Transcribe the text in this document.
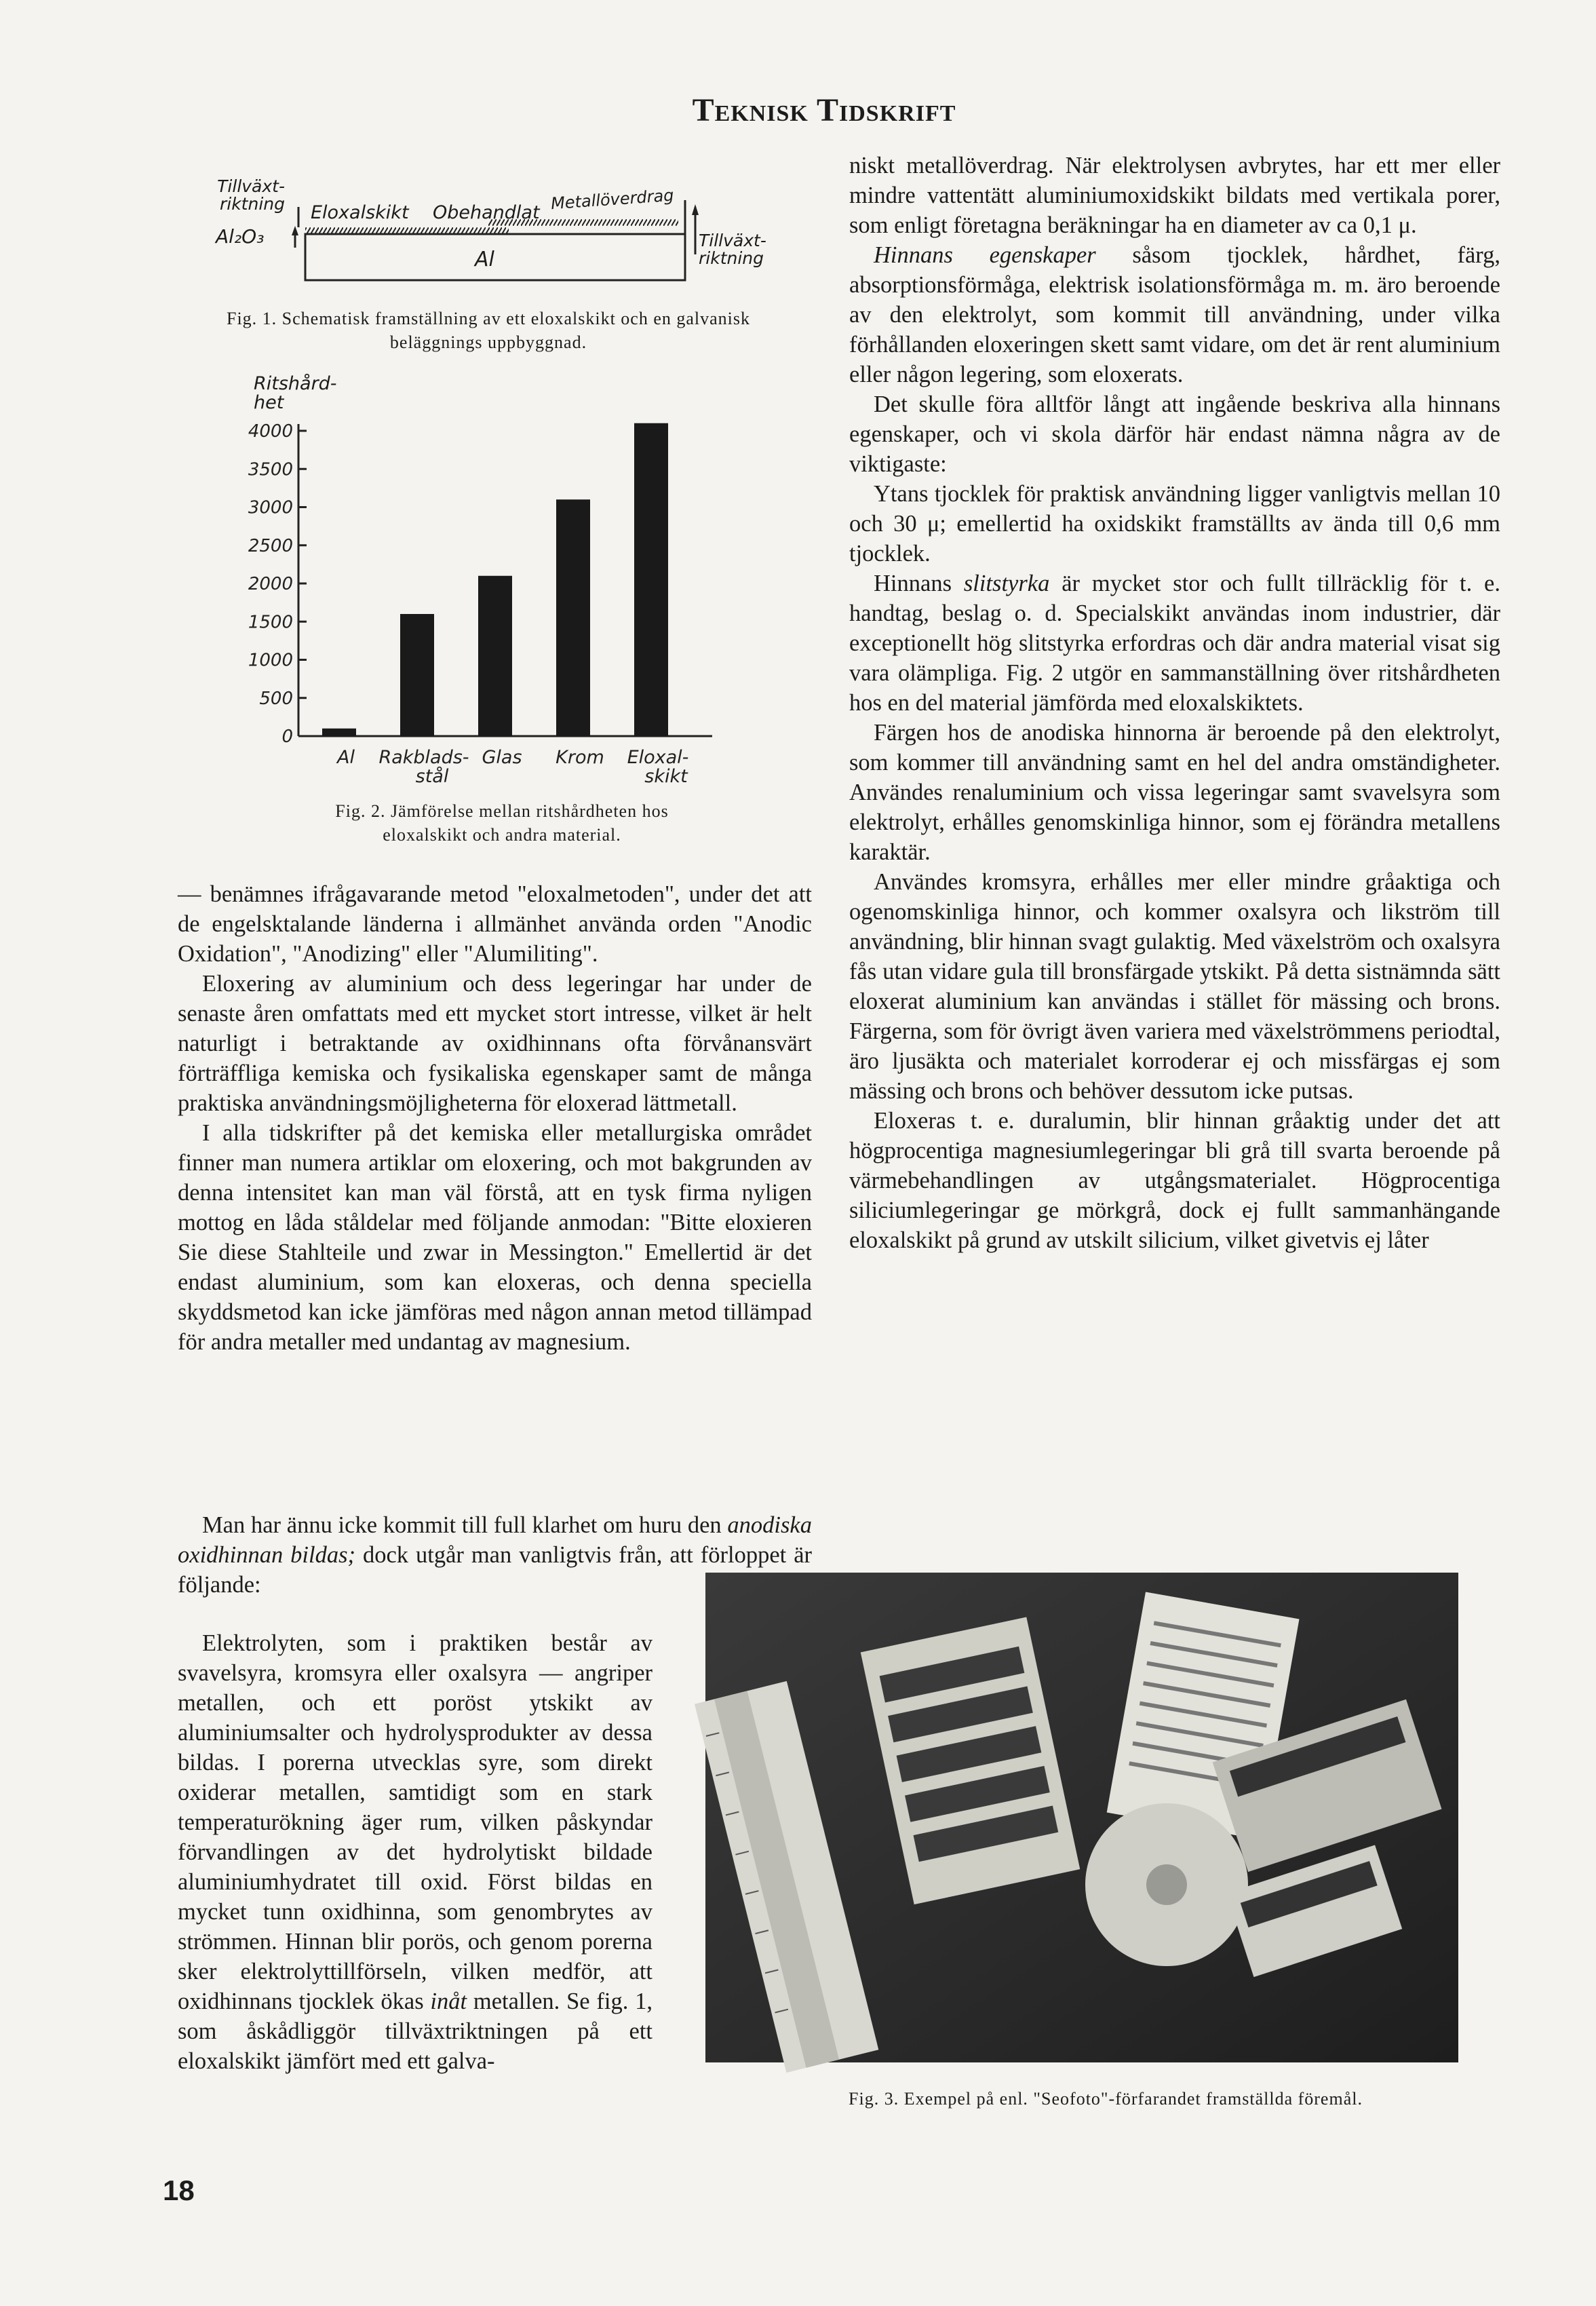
Teknisk Tidskrift
Tillväxt-
riktning
Al₂O₃
Eloxalskikt Obehandlat Metallöverdrag
Al
Tillväxt-
riktning
Fig. 1. Schematisk framställning av ett eloxalskikt och en galvanisk beläggnings uppbyggnad.
0
500
1000
1500
2000
2500
3000
3500
4000
Al Rakblads-
stål
Glas Krom Eloxal-
skikt
Ritshård-
het
Fig. 2. Jämförelse mellan ritshårdheten hos eloxalskikt och andra material.

— benämnes ifrågavarande metod "eloxalmetoden", under det att de engelsktalande länderna i allmänhet använda orden "Anodic Oxidation", "Anodizing" eller "Alumiliting".

Eloxering av aluminium och dess legeringar har under de senaste åren omfattats med ett mycket stort intresse, vilket är helt naturligt i betraktande av oxidhinnans ofta förvånansvärt förträffliga kemiska och fysikaliska egenskaper samt de många praktiska användningsmöjligheterna för eloxerad lättmetall.

I alla tidskrifter på det kemiska eller metallurgiska området finner man numera artiklar om eloxering, och mot bakgrunden av denna intensitet kan man väl förstå, att en tysk firma nyligen mottog en låda ståldelar med följande anmodan: "Bitte eloxieren Sie diese Stahlteile und zwar in Messington." Emellertid är det endast aluminium, som kan eloxeras, och denna speciella skyddsmetod kan icke jämföras med någon annan metod tillämpad för andra metaller med undantag av magnesium.

Man har ännu icke kommit till full klarhet om huru den anodiska oxidhinnan bildas; dock utgår man vanligtvis från, att förloppet är följande:

Elektrolyten, som i praktiken består av svavelsyra, kromsyra eller oxalsyra — angriper metallen, och ett poröst ytskikt av aluminiumsalter och hydrolysprodukter av dessa bildas. I porerna utvecklas syre, som direkt oxiderar metallen, samtidigt som en stark temperaturökning äger rum, vilken påskyndar förvandlingen av det hydrolytiskt bildade aluminiumhydratet till oxid. Först bildas en mycket tunn oxidhinna, som genombrytes av strömmen. Hinnan blir porös, och genom porerna sker elektrolyttillförseln, vilken medför, att oxidhinnans tjocklek ökas inåt metallen. Se fig. 1, som åskådliggör tillväxtriktningen på ett eloxalskikt jämfört med ett galva-

niskt metallöverdrag. När elektrolysen avbrytes, har ett mer eller mindre vattentätt aluminiumoxidskikt bildats med vertikala porer, som enligt företagna beräkningar ha en diameter av ca 0,1 μ.

Hinnans egenskaper såsom tjocklek, hårdhet, färg, absorptionsförmåga, elektrisk isolationsförmåga m. m. äro beroende av den elektrolyt, som kommit till användning, under vilka förhållanden eloxeringen skett samt vidare, om det är rent aluminium eller någon legering, som eloxerats.

Det skulle föra alltför långt att ingående beskriva alla hinnans egenskaper, och vi skola därför här endast nämna några av de viktigaste:

Ytans tjocklek för praktisk användning ligger vanligtvis mellan 10 och 30 μ; emellertid ha oxidskikt framställts av ända till 0,6 mm tjocklek.

Hinnans slitstyrka är mycket stor och fullt tillräcklig för t. e. handtag, beslag o. d. Specialskikt användas inom industrier, där exceptionellt hög slitstyrka erfordras och där andra material visat sig vara olämpliga. Fig. 2 utgör en sammanställning över ritshårdheten hos en del material jämförda med eloxalskiktets.

Färgen hos de anodiska hinnorna är beroende på den elektrolyt, som kommer till användning samt en hel del andra omständigheter. Användes renaluminium och vissa legeringar samt svavelsyra som elektrolyt, erhålles genomskinliga hinnor, som ej förändra metallens karaktär.

Användes kromsyra, erhålles mer eller mindre gråaktiga och ogenomskinliga hinnor, och kommer oxalsyra och likström till användning, blir hinnan svagt gulaktig. Med växelström och oxalsyra fås utan vidare gula till bronsfärgade ytskikt. På detta sistnämnda sätt eloxerat aluminium kan användas i stället för mässing och brons. Färgerna, som för övrigt även variera med växelströmmens periodtal, äro ljusäkta och materialet korroderar ej och missfärgas ej som mässing och brons och behöver dessutom icke putsas.

Eloxeras t. e. duralumin, blir hinnan gråaktig under det att högprocentiga magnesiumlegeringar bli grå till svarta beroende på värmebehandlingen av utgångsmaterialet. Högprocentiga siliciumlegeringar ge mörkgrå, dock ej fullt sammanhängande eloxalskikt på grund av utskilt silicium, vilket givetvis ej låter

Fig. 3. Exempel på enl. "Seofoto"-förfarandet framställda föremål.
18
